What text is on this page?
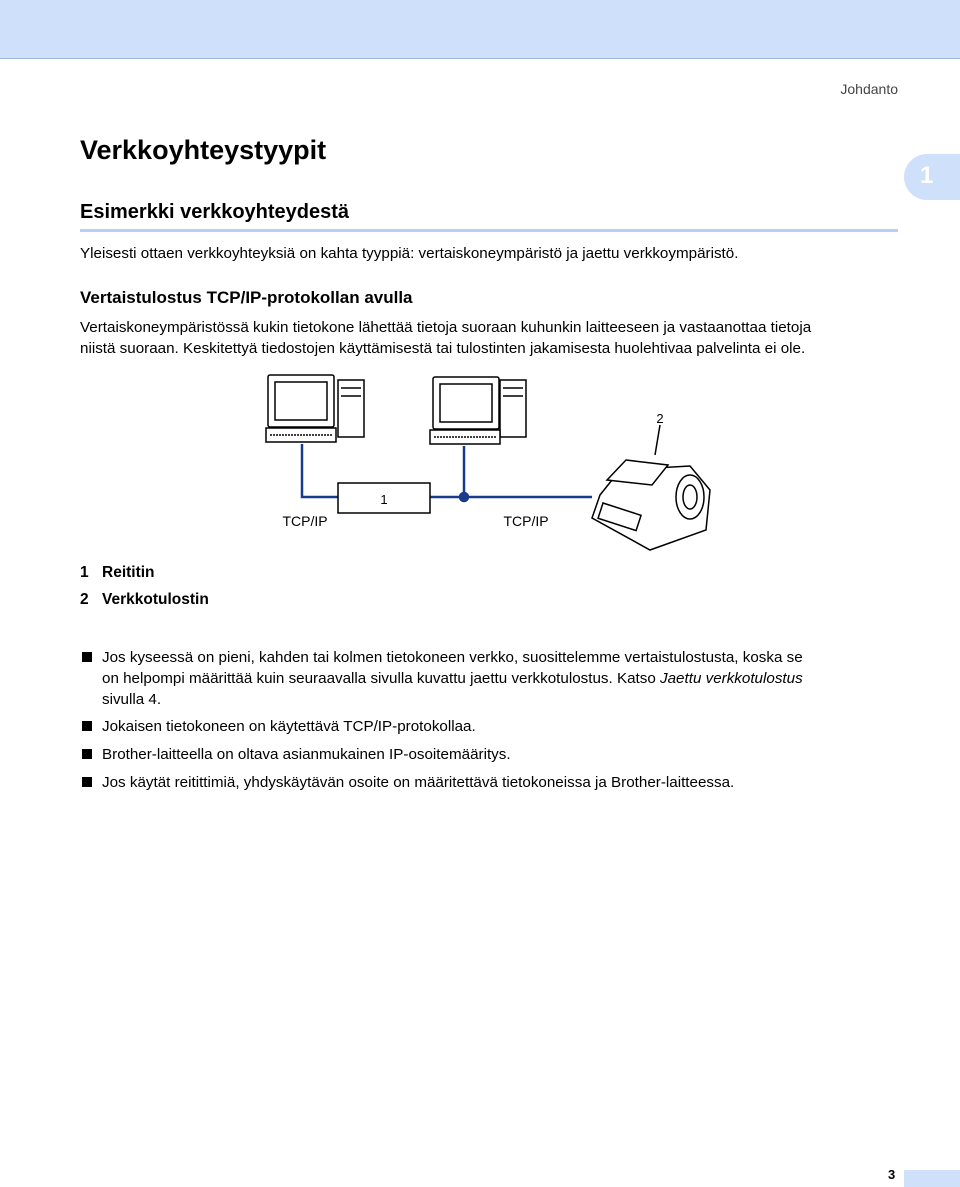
Johdanto
1
Verkkoyhteystyypit
Esimerkki verkkoyhteydestä
Yleisesti ottaen verkkoyhteyksiä on kahta tyyppiä: vertaiskoneympäristö ja jaettu verkkoympäristö.
Vertaistulostus TCP/IP-protokollan avulla
Vertaiskoneympäristössä kukin tietokone lähettää tietoja suoraan kuhunkin laitteeseen ja vastaanottaa tietoja
niistä suoraan. Keskitettyä tiedostojen käyttämisestä tai tulostinten jakamisesta huolehtivaa palvelinta ei ole.
1
TCP/IP	TCP/IP
2
1 Reititin
2 Verkkotulostin
Jos kyseessä on pieni, kahden tai kolmen tietokoneen verkko, suosittelemme vertaistulostusta, koska se
on helpompi määrittää kuin seuraavalla sivulla kuvattu jaettu verkkotulostus. Katso Jaettu verkkotulostus
sivulla 4.
Jokaisen tietokoneen on käytettävä TCP/IP-protokollaa.
Brother-laitteella on oltava asianmukainen IP-osoitemääritys.
Jos käytät reitittimiä, yhdyskäytävän osoite on määritettävä tietokoneissa ja Brother-laitteessa.
3
